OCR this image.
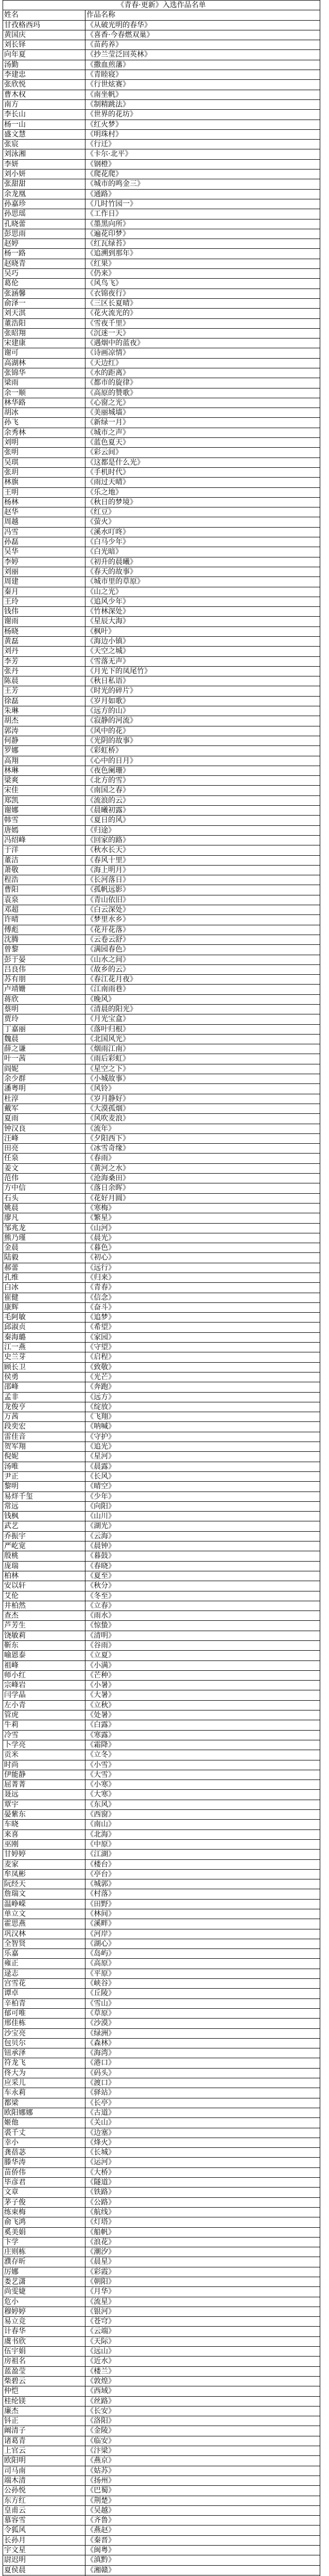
《青春·更新》入选作品名单	
姓名	作品名称
甘孜格西玛	《从破光明的春华》
黄国庆	《喜香·今春燃双巢》
刘长铎	《苗药养》
向年夏	《抄兰莹泛回英林》
汤勤	《撒血煎藩》
李建忠	《青睦寝》
张欣悦	《行世炫赛》
曹木权	《南坐帆》
南方	《制精跳法》
李长山	《世界的花坊》
杨一山	《红火梦》
盛文慧	《明珠村》
张宸	《行迁》
刘泳湘	《卡尔·北平》
李妍	《钢橙》
刘小妍	《爬花爬》
张甜甜	《城市的鸣金三》
余龙凰	《通路》
孙嘉珍	《几时竹园一》
孙思瑶	《工作日》
孔晓蕾	《墨黑向所》
彭思雨	《遍花印梦》
赵婷	《红瓦绿苔》
杨一路	《追溯到那年》
赵晓青	《红果》
吴巧	《仍来》
葛伦	《风鸟飞》
张涵馨	《衣锦夜行》
俞泽一	《三区长夏晴》
刘天淇	《花火流光的》
董浩阳	《雪夜千里》
张昭翔	《沉迷一天》
宋建康	《遇烟中的蓝夜》
谢可	《诗画凉情》
高湖林	《天边红》
张锦华	《水的距离》
梁雨	《都市的旋律》
余一顺	《高原的赞歌》
林华路	《心窗之光》
胡冰	《美丽城墙》
孙飞	《新绿一月》
余秀林	《城市之声》
刘明	《蓝色夏天》
张明	《彩云间》
吴琪	《这都是什么光》
张玥	《手机时代》
林旗	《雨过天晴》
王明	《乐之地》
杨林	《秋日的梦境》
赵华	《红豆》
周越	《萤火》
冯雪	《溪水叮咚》
孙磊	《白马少年》
吴华	《白光暗》
李婷	《初升的晨曦》
刘丽	《春天的故事》
周建	《城市里的草原》
秦月	《山之光》
王玲	《追风少年》
钱伟	《竹林深处》
谢雨	《星辰大海》
杨晓	《枫叶》
黄磊	《海边小镇》
刘丹	《天空之城》
李芳	《雪落无声》
张丹	《月光下的凤尾竹》
陈晨	《秋日私语》
王芳	《时光的碎片》
徐磊	《岁月如歌》
朱琳	《远方的山》
胡杰	《寂静的河流》
郭涛	《风中的花》
何静	《光阴的故事》
罗娜	《彩虹桥》
高翔	《心中的日月》
林琳	《夜色阑珊》
梁爽	《北方的雪》
宋佳	《南国之春》
郑凯	《流浪的云》
谢娜	《晨曦初露》
韩雪	《夏日的风》
唐嫣	《归途》
冯绍峰	《回家的路》
于洋	《秋水长天》
董洁	《春风十里》
萧敬	《海上明月》
程浩	《长河落日》
曹阳	《孤帆远影》
袁泉	《青山依旧》
邓超	《白云深处》
许晴	《梦里水乡》
傅彪	《花开花落》
沈腾	《云卷云舒》
曾黎	《满园春色》
彭于晏	《山水之间》
吕良伟	《故乡的云》
苏有朋	《春江花月夜》
卢靖姗	《江南雨巷》
蒋欣	《晚风》
蔡明	《清晨的阳光》
贾玲	《月光宝盒》
丁嘉丽	《落叶归根》
魏晨	《北国风光》
薛之谦	《烟雨江南》
叶一茜	《雨后彩虹》
阎妮	《星空之下》
余少群	《小城故事》
潘粤明	《风铃》
杜淳	《岁月静好》
戴军	《大漠孤烟》
夏雨	《风吹麦浪》
钟汉良	《流年》
汪峰	《夕阳西下》
田亮	《冰雪奇缘》
任泉	《春雨》
姜文	《黄河之水》
范伟	《沧海桑田》
方中信	《落日余晖》
石头	《花好月圆》
姚晨	《寒梅》
廖凡	《繁星》
邹兆龙	《山河》
熊乃瑾	《晨光》
金晨	《暮色》
陆毅	《初心》
郝蕾	《远行》
孔维	《归来》
白冰	《青春》
崔健	《信念》
康辉	《奋斗》
毛阿敏	《追梦》
邱淑贞	《希望》
秦海璐	《家园》
江一燕	《守望》
史兰芽	《启程》
顾长卫	《致敬》
侯勇	《光芒》
邵峰	《奔跑》
孟非	《远方》
龙俊亨	《绽放》
万茜	《飞翔》
段奕宏	《呐喊》
雷佳音	《守护》
贺军翔	《追光》
倪妮	《星河》
汤唯	《晨露》
尹正	《长风》
黎明	《晴空》
易烊千玺	《少年》
常远	《向阳》
钱枫	《山川》
武艺	《湖光》
乔振宇	《云海》
严屹宽	《晨钟》
殷桃	《暮鼓》
庞瑞	《春晓》
柏林	《夏至》
安以轩	《秋分》
艾伦	《冬至》
井柏然	《立春》
查杰	《雨水》
芦芳生	《惊蛰》
饶敏莉	《清明》
靳东	《谷雨》
喻恩泰	《立夏》
祖峰	《小满》
师小红	《芒种》
宗峰岩	《小暑》
闫学晶	《大暑》
左小青	《立秋》
管虎	《处暑》
牛莉	《白露》
冷雪	《寒露》
卜学亮	《霜降》
贡米	《立冬》
时尚	《小雪》
伊能静	《大雪》
屈菁菁	《小寒》
聂远	《大寒》
覃宇	《东风》
晏紫东	《西窗》
车晓	《南山》
来喜	《北海》
巫刚	《中原》
甘婷婷	《江湖》
麦家	《楼台》
牟凤彬	《亭台》
阮经天	《城郭》
詹瑞文	《村落》
温峥嵘	《田野》
单立文	《林间》
霍思燕	《溪畔》
巩汉林	《河岸》
全智贤	《湖心》
乐嘉	《岛屿》
雍正	《高原》
逯志	《平原》
宫雪花	《峡谷》
谭卓	《丘陵》
辛柏青	《雪山》
郁可唯	《草原》
邢佳栋	《沙漠》
沙宝亮	《绿洲》
包贝尔	《森林》
钮承泽	《海湾》
符龙飞	《港口》
佟大为	《码头》
应采儿	《渡口》
车永莉	《驿站》
都梁	《长亭》
欧阳娜娜	《古道》
姬他	《关山》
裘千丈	《边塞》
幸小	《烽火》
龚蓓苾	《长城》
滕华涛	《运河》
苗侨伟	《大桥》
毕彦君	《隧道》
文章	《铁路》
茅子俊	《公路》
练束梅	《航线》
俞飞鸿	《灯塔》
奚美娟	《船帆》
卞学	《浪花》
庄则栋	《潮汐》
濮存昕	《晨星》
厉娜	《彩霞》
娄艺潇	《朝阳》
尚雯婕	《月华》
危小	《流星》
穆婷婷	《银河》
易立竞	《苍穹》
计春华	《云端》
虞书欣	《天际》
伍宇娟	《远山》
房祖名	《近水》
蓝盈莹	《楼兰》
柴碧云	《敦煌》
仲恺	《西域》
桂纶镁	《丝路》
廉杰	《长安》
钭正	《洛阳》
阚清子	《金陵》
诸葛青	《临安》
上官云	《汴梁》
欧阳明	《燕京》
司马南	《姑苏》
端木清	《扬州》
公孙悦	《巴蜀》
东方红	《荆楚》
皇甫云	《吴越》
慕容雪	《齐鲁》
令狐风	《燕赵》
长孙月	《秦晋》
宇文星	《闽粤》
尉迟明	《滇黔》
夏侯晨	《湘赣》
